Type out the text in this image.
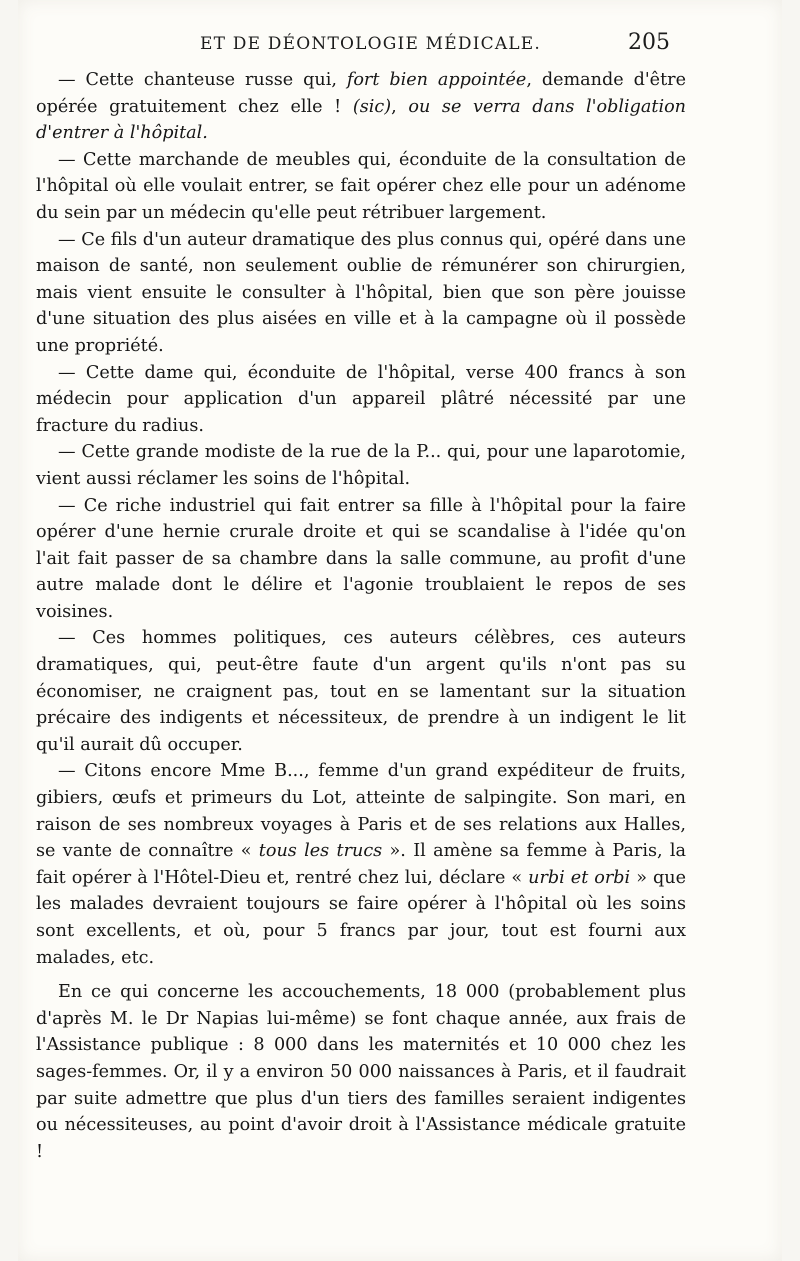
ET DE DÉONTOLOGIE MÉDICALE.	205

— Cette chanteuse russe qui, fort bien appointée, demande d'être opérée gratuitement chez elle ! (sic), ou se verra dans l'obligation d'entrer à l'hôpital.

— Cette marchande de meubles qui, éconduite de la consultation de l'hôpital où elle voulait entrer, se fait opérer chez elle pour un adénome du sein par un médecin qu'elle peut rétribuer largement.

— Ce fils d'un auteur dramatique des plus connus qui, opéré dans une maison de santé, non seulement oublie de rémunérer son chirurgien, mais vient ensuite le consulter à l'hôpital, bien que son père jouisse d'une situation des plus aisées en ville et à la campagne où il possède une propriété.

— Cette dame qui, éconduite de l'hôpital, verse 400 francs à son médecin pour application d'un appareil plâtré nécessité par une fracture du radius.

— Cette grande modiste de la rue de la P... qui, pour une laparotomie, vient aussi réclamer les soins de l'hôpital.

— Ce riche industriel qui fait entrer sa fille à l'hôpital pour la faire opérer d'une hernie crurale droite et qui se scandalise à l'idée qu'on l'ait fait passer de sa chambre dans la salle commune, au profit d'une autre malade dont le délire et l'agonie troublaient le repos de ses voisines.

— Ces hommes politiques, ces auteurs célèbres, ces auteurs dramatiques, qui, peut-être faute d'un argent qu'ils n'ont pas su économiser, ne craignent pas, tout en se lamentant sur la situation précaire des indigents et nécessiteux, de prendre à un indigent le lit qu'il aurait dû occuper.

— Citons encore Mme B..., femme d'un grand expéditeur de fruits, gibiers, œufs et primeurs du Lot, atteinte de salpingite. Son mari, en raison de ses nombreux voyages à Paris et de ses relations aux Halles, se vante de connaître « tous les trucs ». Il amène sa femme à Paris, la fait opérer à l'Hôtel-Dieu et, rentré chez lui, déclare « urbi et orbi » que les malades devraient toujours se faire opérer à l'hôpital où les soins sont excellents, et où, pour 5 francs par jour, tout est fourni aux malades, etc.

En ce qui concerne les accouchements, 18 000 (probablement plus d'après M. le Dr Napias lui-même) se font chaque année, aux frais de l'Assistance publique : 8 000 dans les maternités et 10 000 chez les sages-femmes. Or, il y a environ 50 000 naissances à Paris, et il faudrait par suite admettre que plus d'un tiers des familles seraient indigentes ou nécessiteuses, au point d'avoir droit à l'Assistance médicale gratuite !
